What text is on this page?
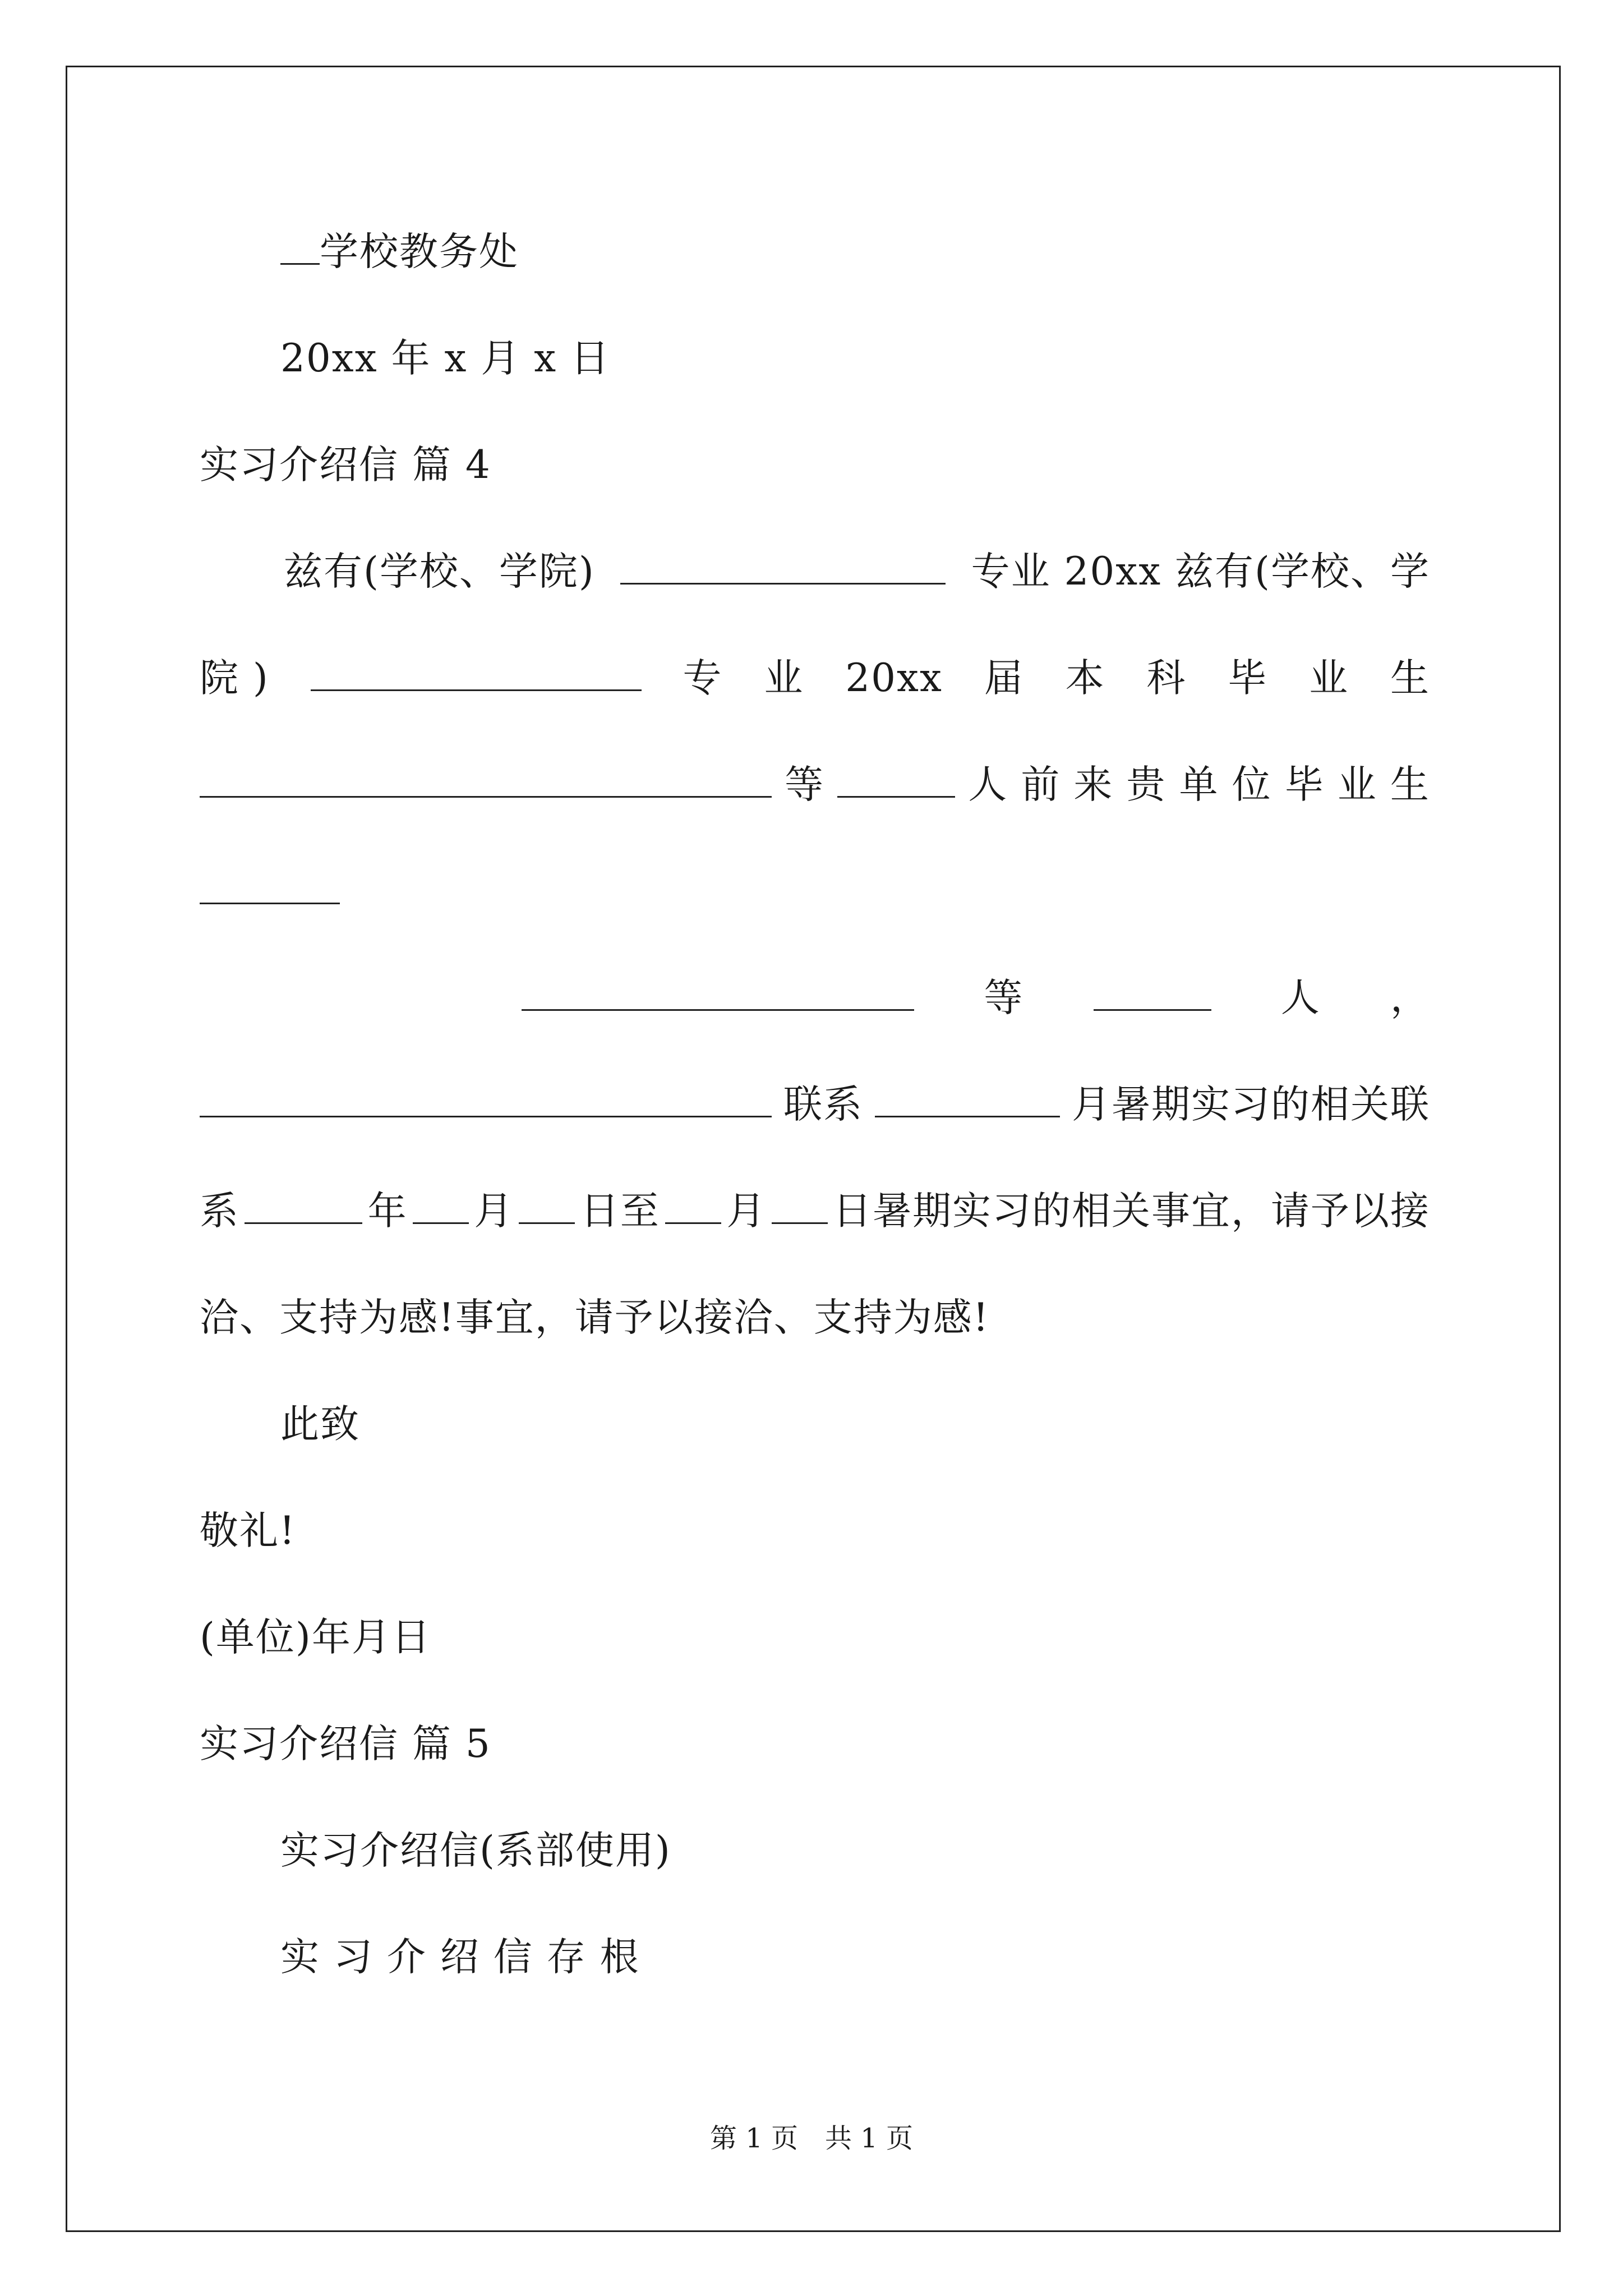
学校教务处
20xx 年 x 月 x 日
实习介绍信 篇 4
兹有(学校、学院)	专业 20xx 兹有(学校、学
院 )	专 业 20xx 届 本 科 毕 业 生
等	人 前 来 贵 单 位 毕 业 生
等	人 ，
联系	月暑期实习的相关联
系	年 月 日至 月 日暑期实习的相关事宜，请予以接
洽、支持为感!事宜，请予以接洽、支持为感!
此致
敬礼!
(单位)年月日
实习介绍信 篇 5
实习介绍信(系部使用)
实 习 介 绍 信 存 根
第 1 页　共 1 页
